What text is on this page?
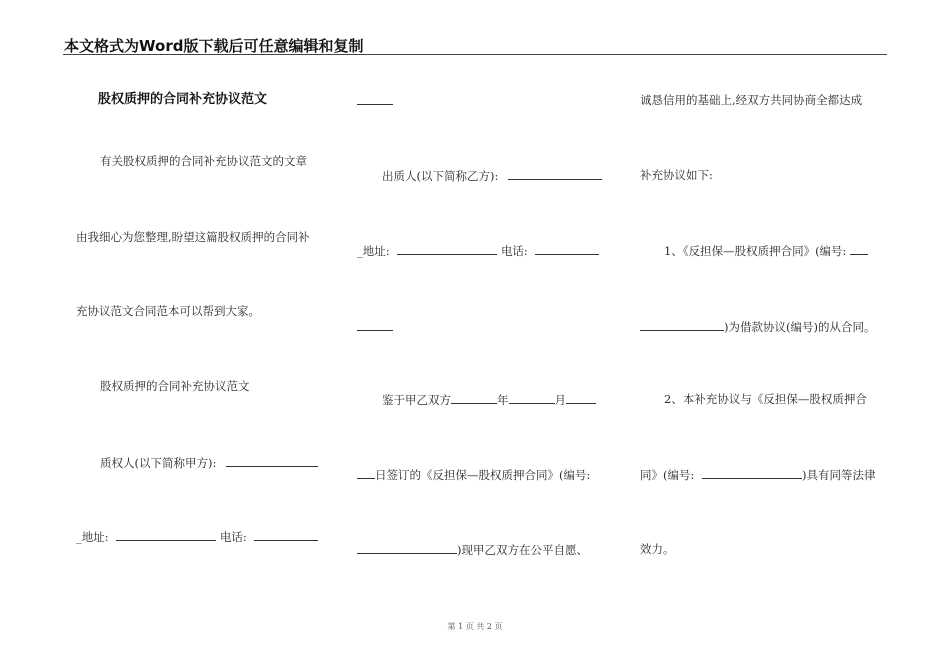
本文格式为Word版下载后可任意编辑和复制
股权质押的合同补充协议范文
有关股权质押的合同补充协议范文的文章
由我细心为您整理,盼望这篇股权质押的合同补
充协议范文合同范本可以帮到大家。
股权质押的合同补充协议范文
质权人(以下简称甲方):
_地址:	电话:
出质人(以下简称乙方):
_地址:	电话:
鉴于甲乙双方	年	月
日签订的《反担保—股权质押合同》(编号:
)现甲乙双方在公平自愿、
诚恳信用的基础上,经双方共同协商全都达成
补充协议如下:
1、《反担保—股权质押合同》(编号:
)为借款协议(编号)的从合同。
2、本补充协议与《反担保—股权质押合
同》(编号:	)具有同等法律
效力。
第 1 页 共 2 页
